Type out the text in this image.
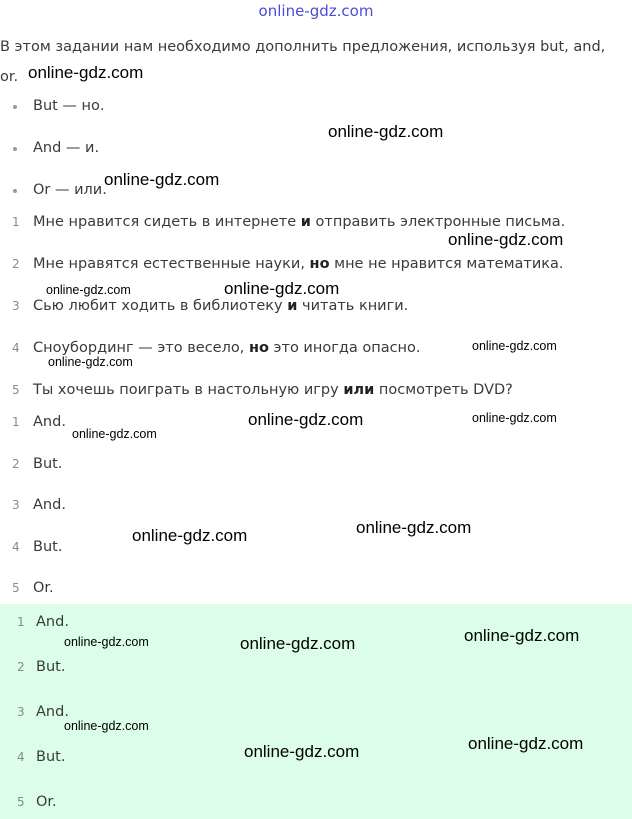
online-gdz.com
В этом задании нам необходимо дополнить предложения, используя but, and, or.
But — но.
And — и.
Or — или.
1 Мне нравится сидеть в интернете и отправить электронные письма.
2 Мне нравятся естественные науки, но мне не нравится математика.
3 Сью любит ходить в библиотеку и читать книги.
4 Сноубординг — это весело, но это иногда опасно.
5 Ты хочешь поиграть в настольную игру или посмотреть DVD?
1 And.
2 But.
3 And.
4 But.
5 Or.
1 And.
2 But.
3 And.
4 But.
5 Or.
online-gdz.com
online-gdz.com
online-gdz.com
online-gdz.com
online-gdz.com	online-gdz.com
online-gdz.com
online-gdz.com
online-gdz.com	online-gdz.com
online-gdz.com
online-gdz.com
online-gdz.com
online-gdz.com
online-gdz.com	online-gdz.com
online-gdz.com
online-gdz.com
online-gdz.com
